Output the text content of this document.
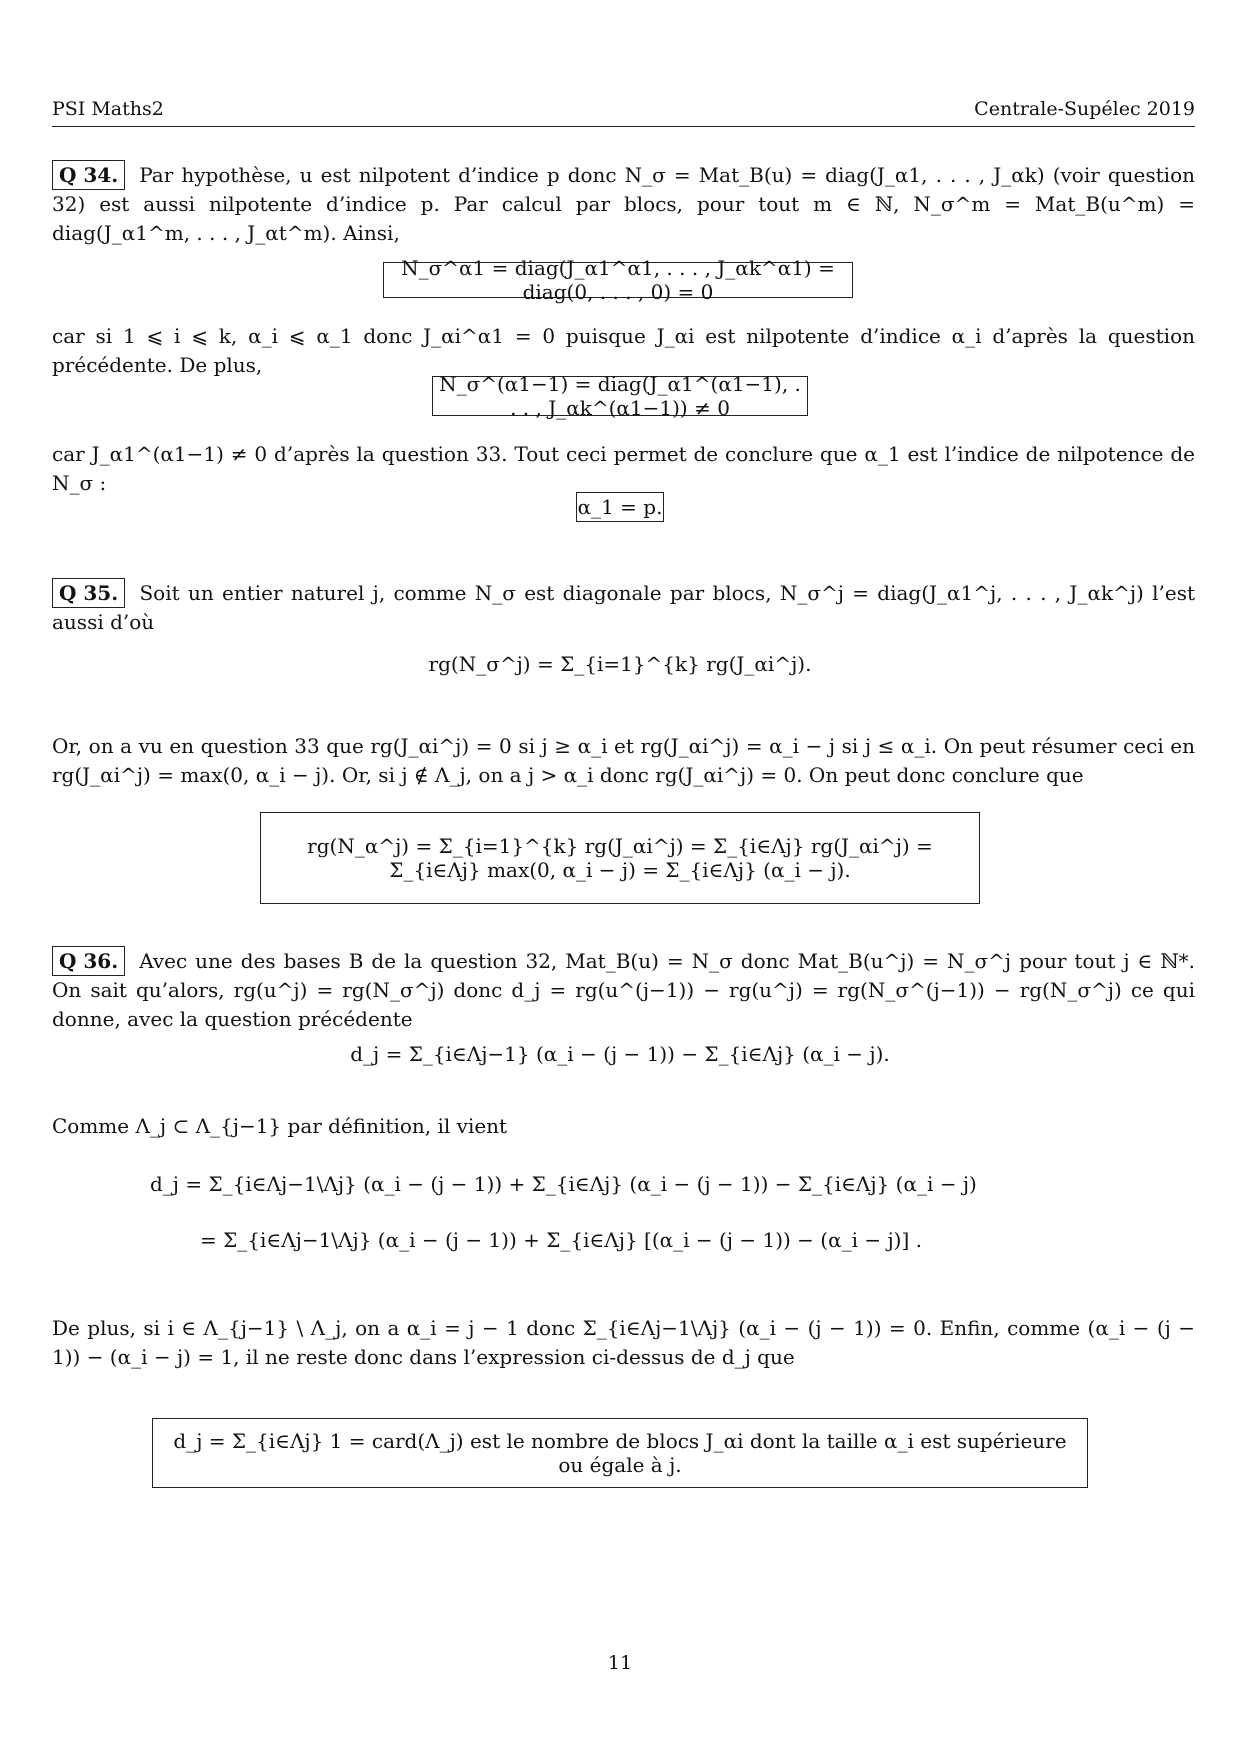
PSI Maths2	Centrale-Supélec 2019
Q 34. Par hypothèse, u est nilpotent d’indice p donc N_σ = Mat_B(u) = diag(J_α1, . . . , J_αk) (voir question 32) est aussi nilpotente d’indice p. Par calcul par blocs, pour tout m ∈ ℕ, N_σ^m = Mat_B(u^m) = diag(J_α1^m, . . . , J_αt^m). Ainsi,
N_σ^α1 = diag(J_α1^α1, . . . , J_αk^α1) = diag(0, . . . , 0) = 0
car si 1 ⩽ i ⩽ k, α_i ⩽ α_1 donc J_αi^α1 = 0 puisque J_αi est nilpotente d’indice α_i d’après la question précédente. De plus,
N_σ^(α1−1) = diag(J_α1^(α1−1), . . . , J_αk^(α1−1)) ≠ 0
car J_α1^(α1−1) ≠ 0 d’après la question 33. Tout ceci permet de conclure que α_1 est l’indice de nilpotence de N_σ :
α_1 = p.
Q 35. Soit un entier naturel j, comme N_σ est diagonale par blocs, N_σ^j = diag(J_α1^j, . . . , J_αk^j) l’est aussi d’où
rg(N_σ^j) = Σ_{i=1}^{k} rg(J_αi^j).
Or, on a vu en question 33 que rg(J_αi^j) = 0 si j ≥ α_i et rg(J_αi^j) = α_i − j si j ≤ α_i. On peut résumer ceci en rg(J_αi^j) = max(0, α_i − j). Or, si j ∉ Λ_j, on a j > α_i donc rg(J_αi^j) = 0. On peut donc conclure que
rg(N_α^j) = Σ_{i=1}^{k} rg(J_αi^j) = Σ_{i∈Λj} rg(J_αi^j) = Σ_{i∈Λj} max(0, α_i − j) = Σ_{i∈Λj} (α_i − j).
Q 36. Avec une des bases B de la question 32, Mat_B(u) = N_σ donc Mat_B(u^j) = N_σ^j pour tout j ∈ ℕ*. On sait qu’alors, rg(u^j) = rg(N_σ^j) donc d_j = rg(u^(j−1)) − rg(u^j) = rg(N_σ^(j−1)) − rg(N_σ^j) ce qui donne, avec la question précédente
d_j = Σ_{i∈Λj−1} (α_i − (j − 1)) − Σ_{i∈Λj} (α_i − j).
Comme Λ_j ⊂ Λ_{j−1} par définition, il vient
d_j = Σ_{i∈Λj−1\Λj} (α_i − (j − 1)) + Σ_{i∈Λj} (α_i − (j − 1)) − Σ_{i∈Λj} (α_i − j)
= Σ_{i∈Λj−1\Λj} (α_i − (j − 1)) + Σ_{i∈Λj} [(α_i − (j − 1)) − (α_i − j)] .
De plus, si i ∈ Λ_{j−1} \ Λ_j, on a α_i = j − 1 donc Σ_{i∈Λj−1\Λj} (α_i − (j − 1)) = 0. Enfin, comme (α_i − (j − 1)) − (α_i − j) = 1, il ne reste donc dans l’expression ci-dessus de d_j que
d_j = Σ_{i∈Λj} 1 = card(Λ_j) est le nombre de blocs J_αi dont la taille α_i est supérieure ou égale à j.
11
